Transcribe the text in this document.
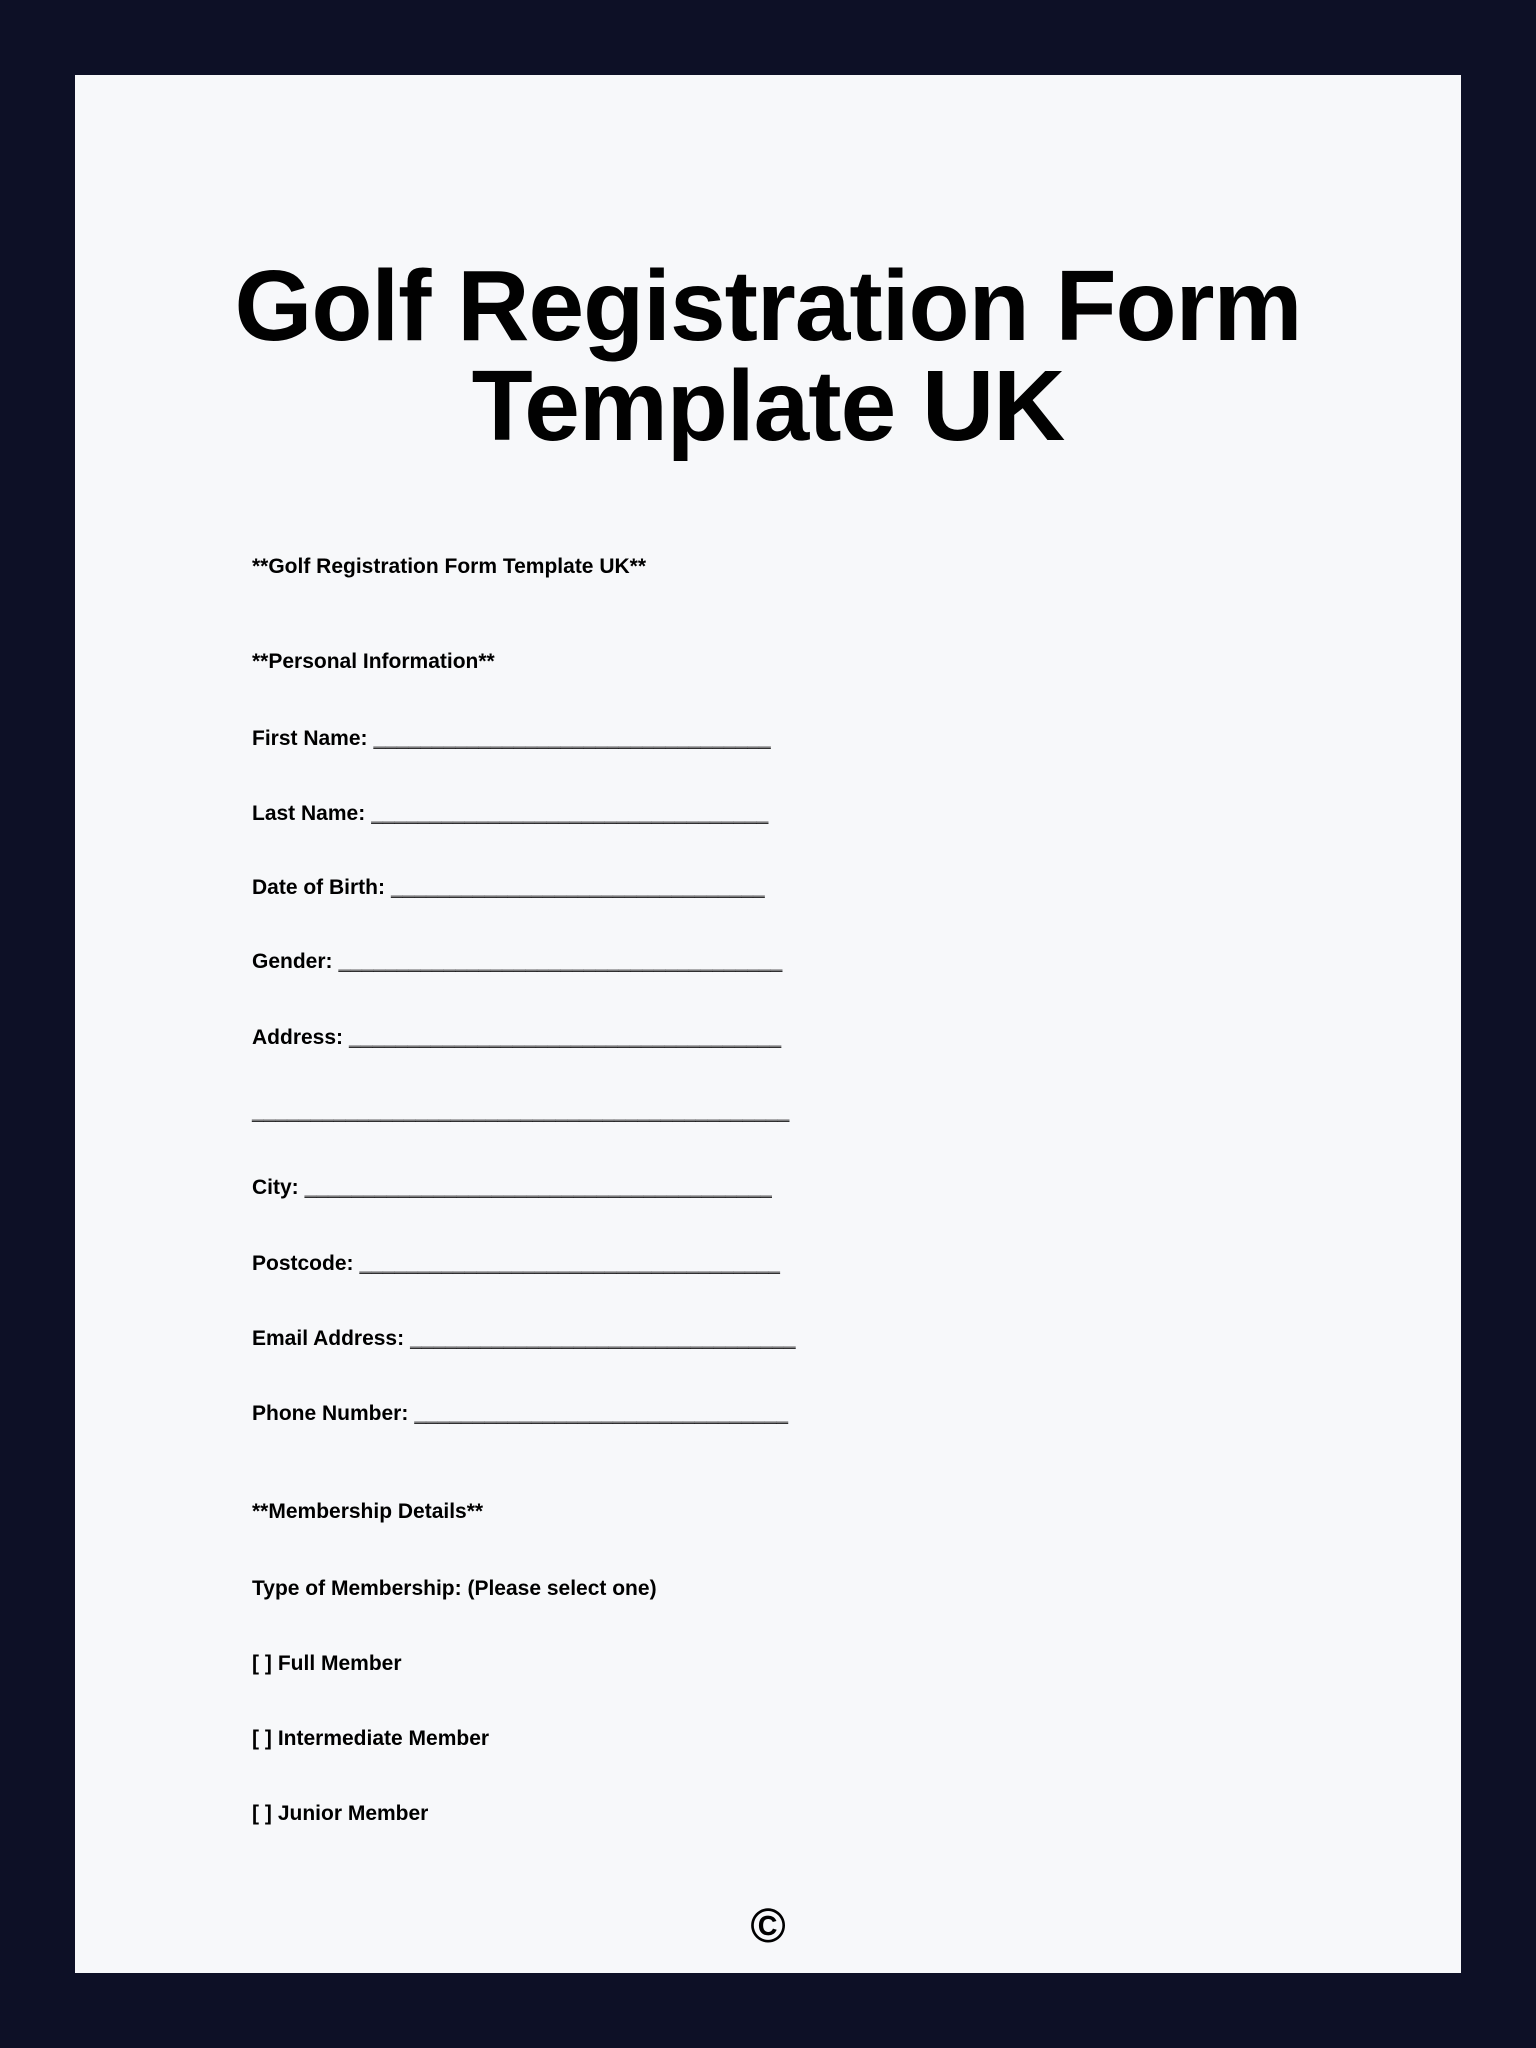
Golf Registration Form
Template UK
**Golf Registration Form Template UK**
**Personal Information**
First Name: __________________________________
Last Name: __________________________________
Date of Birth: ________________________________
Gender: ______________________________________
Address: _____________________________________
______________________________________________
City: ________________________________________
Postcode: ____________________________________
Email Address: _________________________________
Phone Number: ________________________________
**Membership Details**
Type of Membership: (Please select one)
[ ] Full Member
[ ] Intermediate Member
[ ] Junior Member
©
